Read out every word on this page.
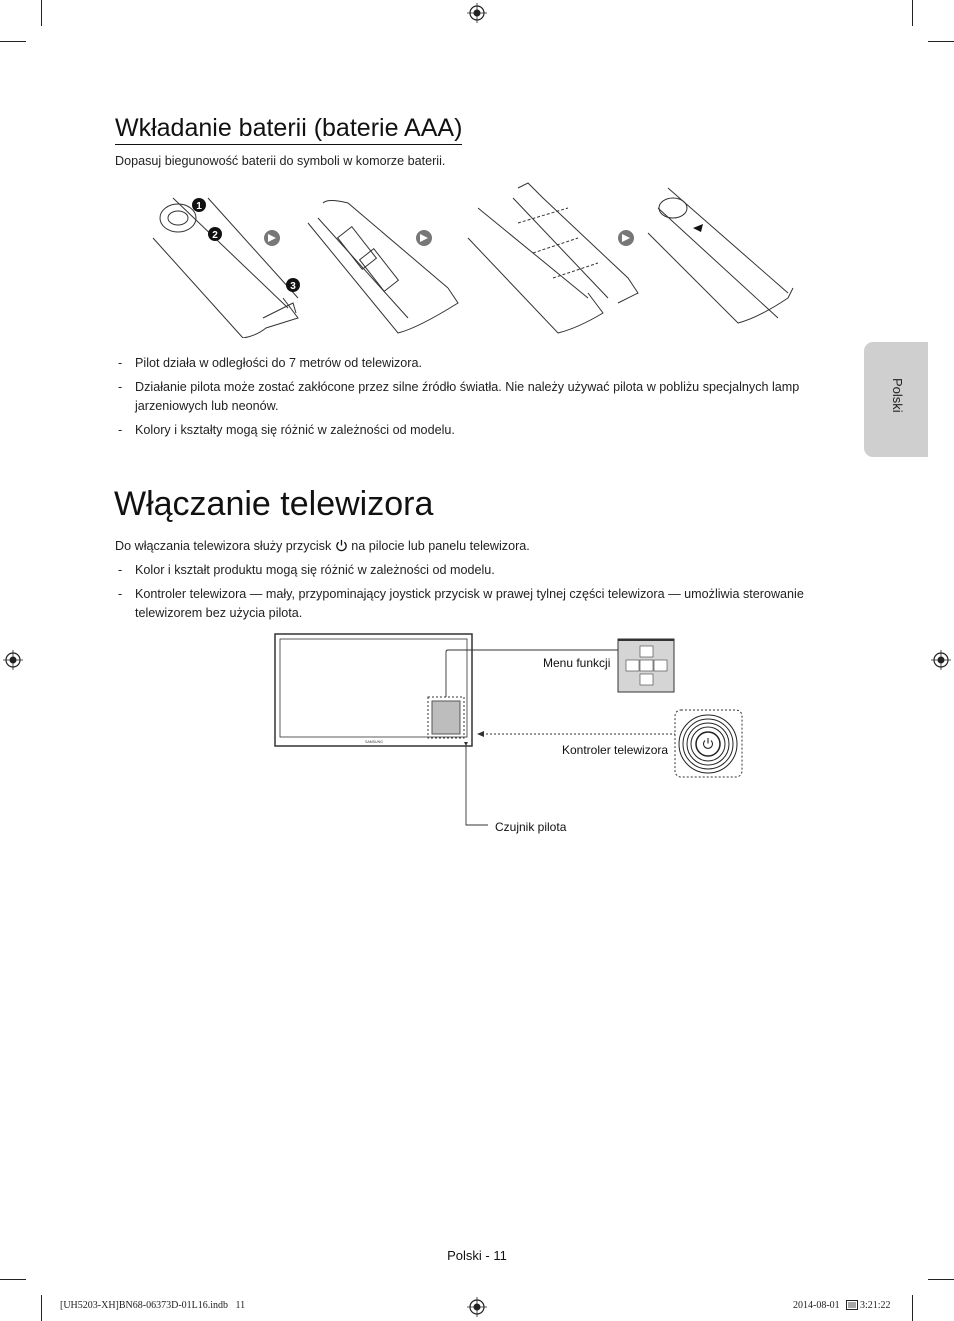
Polski
Wkładanie baterii (baterie AAA)
Dopasuj biegunowość baterii do symboli w komorze baterii.
1
2
3
- Pilot działa w odległości do 7 metrów od telewizora.
- Działanie pilota może zostać zakłócone przez silne źródło światła. Nie należy używać pilota w pobliżu specjalnych lamp jarzeniowych lub neonów.
- Kolory i kształty mogą się różnić w zależności od modelu.
Włączanie telewizora
Do włączania telewizora służy przycisk na pilocie lub panelu telewizora.
- Kolor i kształt produktu mogą się różnić w zależności od modelu.
- Kontroler telewizora — mały, przypominający joystick przycisk w prawej tylnej części telewizora — umożliwia sterowanie telewizorem bez użycia pilota.
SAMSUNG
Menu funkcji
Kontroler telewizora
Czujnik pilota
Polski - 11
[UH5203-XH]BN68-06373D-01L16.indb   11	2014-08-01 3:21:22
